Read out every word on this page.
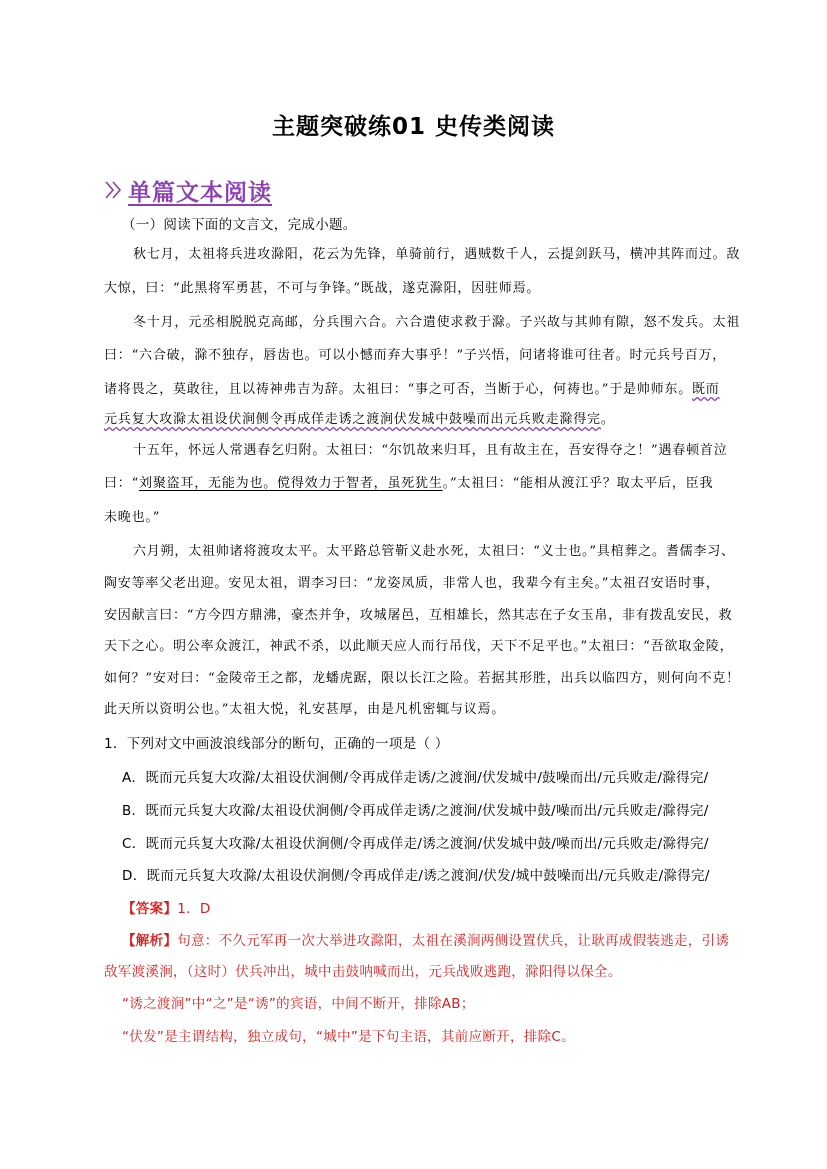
主题突破练01 史传类阅读
单篇文本阅读
（一）阅读下面的文言文，完成小题。
秋七月，太祖将兵进攻滁阳，花云为先锋，单骑前行，遇贼数千人，云提剑跃马，横冲其阵而过。敌
大惊，曰：“此黑将军勇甚，不可与争锋。”既战，遂克滁阳，因驻师焉。
冬十月，元丞相脱脱克高邮，分兵围六合。六合遣使求救于滁。子兴故与其帅有隙，怒不发兵。太祖
曰：“六合破，滁不独存，唇齿也。可以小憾而弃大事乎！”子兴悟，问诸将谁可往者。时元兵号百万，
诸将畏之，莫敢往，且以祷神弗吉为辞。太祖曰：“事之可否，当断于心，何祷也。”于是帅师东。既而
元兵复大攻滁太祖设伏涧侧令再成佯走诱之渡涧伏发城中鼓噪而出元兵败走滁得完。
十五年，怀远人常遇春乞归附。太祖曰：“尔饥故来归耳，且有故主在，吾安得夺之！”遇春顿首泣
曰：“刘聚盗耳，无能为也。傥得效力于智者，虽死犹生。”太祖曰：“能相从渡江乎？取太平后，臣我
未晚也。”
六月朔，太祖帅诸将渡攻太平。太平路总管靳义赴水死，太祖曰：“义士也。”具棺葬之。耆儒李习、
陶安等率父老出迎。安见太祖，谓李习曰：“龙姿凤质，非常人也，我辈今有主矣。”太祖召安语时事，
安因献言曰：“方今四方鼎沸，豪杰并争，攻城屠邑，互相雄长，然其志在子女玉帛，非有拨乱安民，救
天下之心。明公率众渡江，神武不杀，以此顺天应人而行吊伐，天下不足平也。”太祖曰：“吾欲取金陵，
如何？”安对曰：“金陵帝王之都，龙蟠虎踞，限以长江之险。若据其形胜，出兵以临四方，则何向不克！
此天所以资明公也。”太祖大悦，礼安甚厚，由是凡机密辄与议焉。
1．下列对文中画波浪线部分的断句，正确的一项是（ ）
A．既而元兵复大攻滁/太祖设伏涧侧/令再成佯走诱/之渡涧/伏发城中/鼓噪而出/元兵败走/滁得完/
B．既而元兵复大攻滁/太祖设伏涧侧/令再成佯走诱/之渡涧/伏发城中鼓/噪而出/元兵败走/滁得完/
C．既而元兵复大攻滁/太祖设伏涧侧/令再成佯走/诱之渡涧/伏发城中鼓/噪而出/元兵败走/滁得完/
D．既而元兵复大攻滁/太祖设伏涧侧/令再成佯走/诱之渡涧/伏发/城中鼓噪而出/元兵败走/滁得完/
【答案】1．D
【解析】句意：不久元军再一次大举进攻滁阳，太祖在溪涧两侧设置伏兵，让耿再成假装逃走，引诱
敌军渡溪涧，（这时）伏兵冲出，城中击鼓呐喊而出，元兵战败逃跑，滁阳得以保全。
“诱之渡涧”中“之”是“诱”的宾语，中间不断开，排除AB；
“伏发”是主谓结构，独立成句，“城中”是下句主语，其前应断开，排除C。
